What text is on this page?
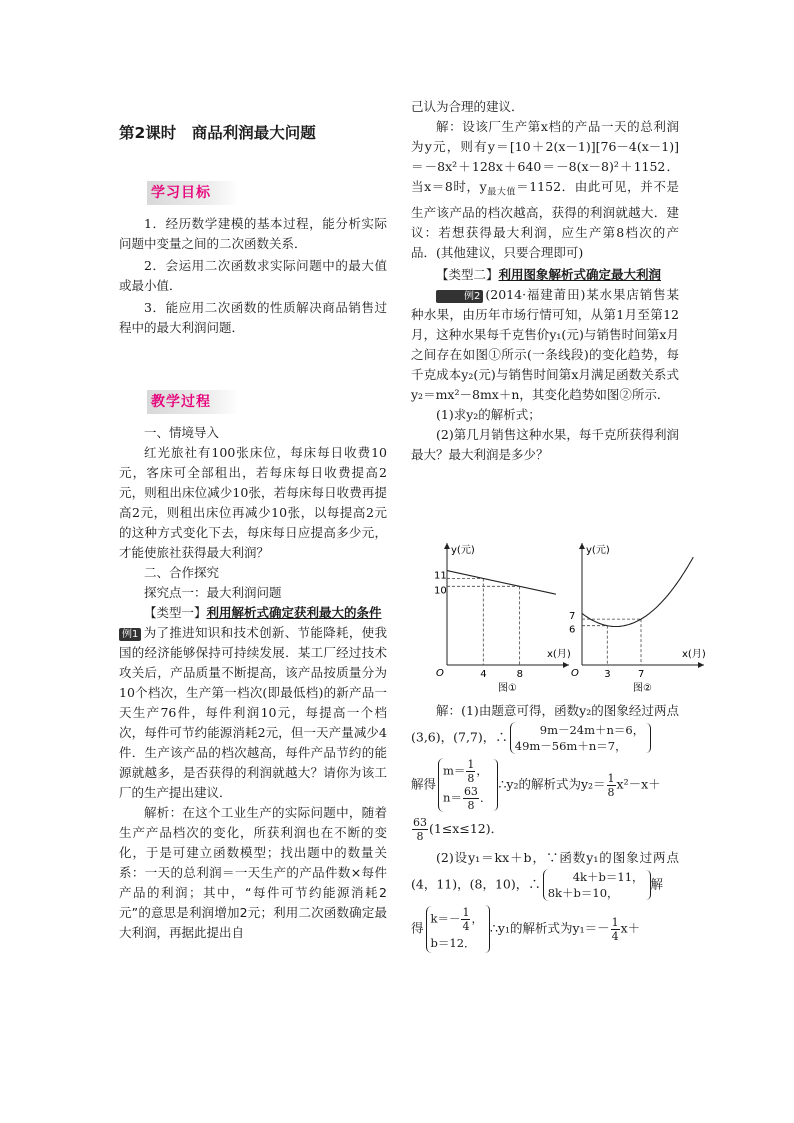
第2课时　商品利润最大问题
学习目标

1．经历数学建模的基本过程，能分析实际问题中变量之间的二次函数关系．

2．会运用二次函数求实际问题中的最大值或最小值．

3．能应用二次函数的性质解决商品销售过程中的最大利润问题．

教学过程

一、情境导入

红光旅社有100张床位，每床每日收费10元，客床可全部租出，若每床每日收费提高2元，则租出床位减少10张，若每床每日收费再提高2元，则租出床位再减少10张，以每提高2元的这种方式变化下去，每床每日应提高多少元，才能使旅社获得最大利润？

二、合作探究

探究点一：最大利润问题

【类型一】利用解析式确定获利最大的条件

例1 为了推进知识和技术创新、节能降耗，使我国的经济能够保持可持续发展．某工厂经过技术攻关后，产品质量不断提高，该产品按质量分为10个档次，生产第一档次(即最低档)的新产品一天生产76件，每件利润10元，每提高一个档次，每件可节约能源消耗2元，但一天产量减少4件．生产该产品的档次越高，每件产品节约的能源就越多，是否获得的利润就越大？请你为该工厂的生产提出建议．

解析：在这个工业生产的实际问题中，随着生产产品档次的变化，所获利润也在不断的变化，于是可建立函数模型；找出题中的数量关系：一天的总利润＝一天生产的产品件数×每件产品的利润；其中，“每件可节约能源消耗2元”的意思是利润增加2元；利用二次函数确定最大利润，再据此提出自

己认为合理的建议．

解：设该厂生产第x档的产品一天的总利润为y元，则有y＝[10＋2(x－1)][76－4(x－1)]＝－8x²＋128x＋640＝－8(x－8)²＋1152．当x＝8时，$y_{最大值}=1152$．由此可见，并不是生产该产品的档次越高，获得的利润就越大．建议：若想获得最大利润，应生产第8档次的产品．(其他建议，只要合理即可)

【类型二】利用图象解析式确定最大利润

例2 (2014·福建莆田)某水果店销售某种水果，由历年市场行情可知，从第1月至第12月，这种水果每千克售价y₁(元)与销售时间第x月之间存在如图①所示(一条线段)的变化趋势，每千克成本y₂(元)与销售时间第x月满足函数关系式y₂＝mx²－8mx＋n，其变化趋势如图②所示．

(1)求y₂的解析式；

(2)第几月销售这种水果，每千克所获得利润最大？最大利润是多少？

y(元)
x(月)
O	4	8
10
11
图①
y(元)
x(月)
O	3	7
6
7
图②

解：(1)由题意可得，函数y₂的图象经过两点(3,6)，(7,7)，∴	9m－24m＋n＝6，
49m－56m＋n＝7，

解得$m= \frac{1}{8}$ ，
$n= \frac{63}{8}$ ．∴y₂的解析式为$y_2= \frac{1}{8} x^2-x+$

$\frac{63}{8} (1\le x\le 12)$．

(2)设y₁＝kx＋b，∵函数y₁的图象过两点(4，11)，(8，10)，∴	4k＋b＝11，
8k＋b＝10，解

得$k=- \frac{1}{4}$ ，
b＝12．∴y₁的解析式为$y_1=- \frac{1}{4} x+$
